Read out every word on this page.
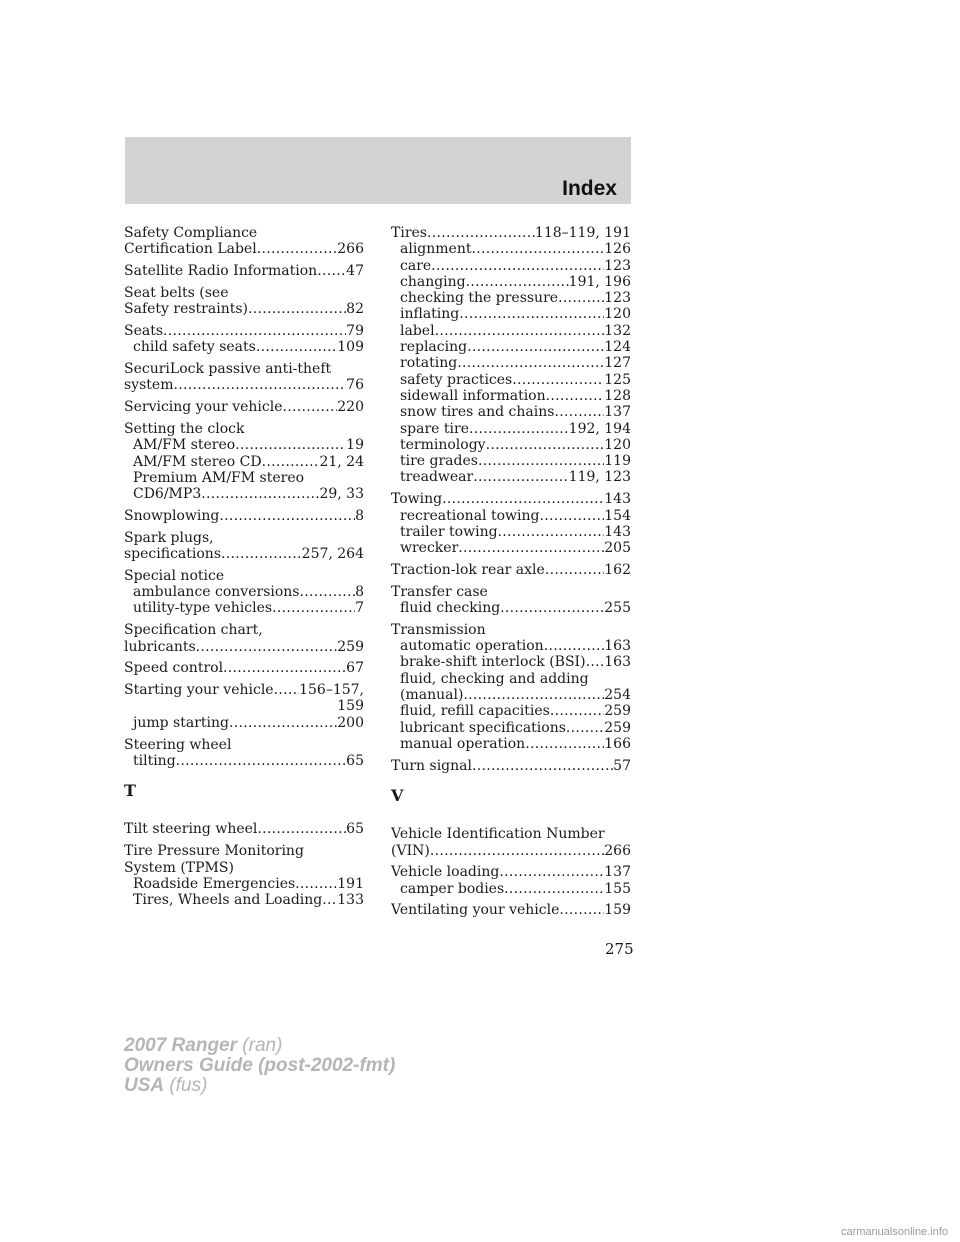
Index
Safety Compliance
Certification Label .....	266
Satellite Radio Information ..... 47
Seat belts (see
Safety restraints) .....	82
Seats .....	79
child safety seats .....	109
SecuriLock passive anti-theft
system .....	76
Servicing your vehicle .....	220
Setting the clock
AM/FM stereo .....	19
AM/FM stereo CD .....	21, 24
Premium AM/FM stereo
CD6/MP3 .....	29, 33
Snowplowing .....	8
Spark plugs,
specifications .....	257, 264
Special notice
ambulance conversions .....	8
utility-type vehicles .....	7
Specification chart,
lubricants .....	259
Speed control .....	67
Starting your vehicle ..... 156–157,
159
jump starting .....	200
Steering wheel
tilting .....	65
T
Tilt steering wheel .....	65
Tire Pressure Monitoring
System (TPMS)
Roadside Emergencies .....	191
Tires, Wheels and Loading ..... 133
Tires .....	118–119, 191
alignment .....	126
care .....	123
changing .....	191, 196
checking the pressure .....	123
inflating .....	120
label .....	132
replacing .....	124
rotating .....	127
safety practices .....	125
sidewall information .....	128
snow tires and chains .....	137
spare tire .....	192, 194
terminology .....	120
tire grades .....	119
treadwear .....	119, 123
Towing .....	143
recreational towing .....	154
trailer towing .....	143
wrecker .....	205
Traction-lok rear axle .....	162
Transfer case
fluid checking .....	255
Transmission
automatic operation .....	163
brake-shift interlock (BSI) ..... 163
fluid, checking and adding
(manual) .....	254
fluid, refill capacities .....	259
lubricant specifications .....	259
manual operation .....	166
Turn signal .....	57
V
Vehicle Identification Number
(VIN) .....	266
Vehicle loading .....	137
camper bodies .....	155
Ventilating your vehicle .....	159
275
2007 Ranger (ran)
Owners Guide (post-2002-fmt)
USA (fus)
carmanualsonline.info
